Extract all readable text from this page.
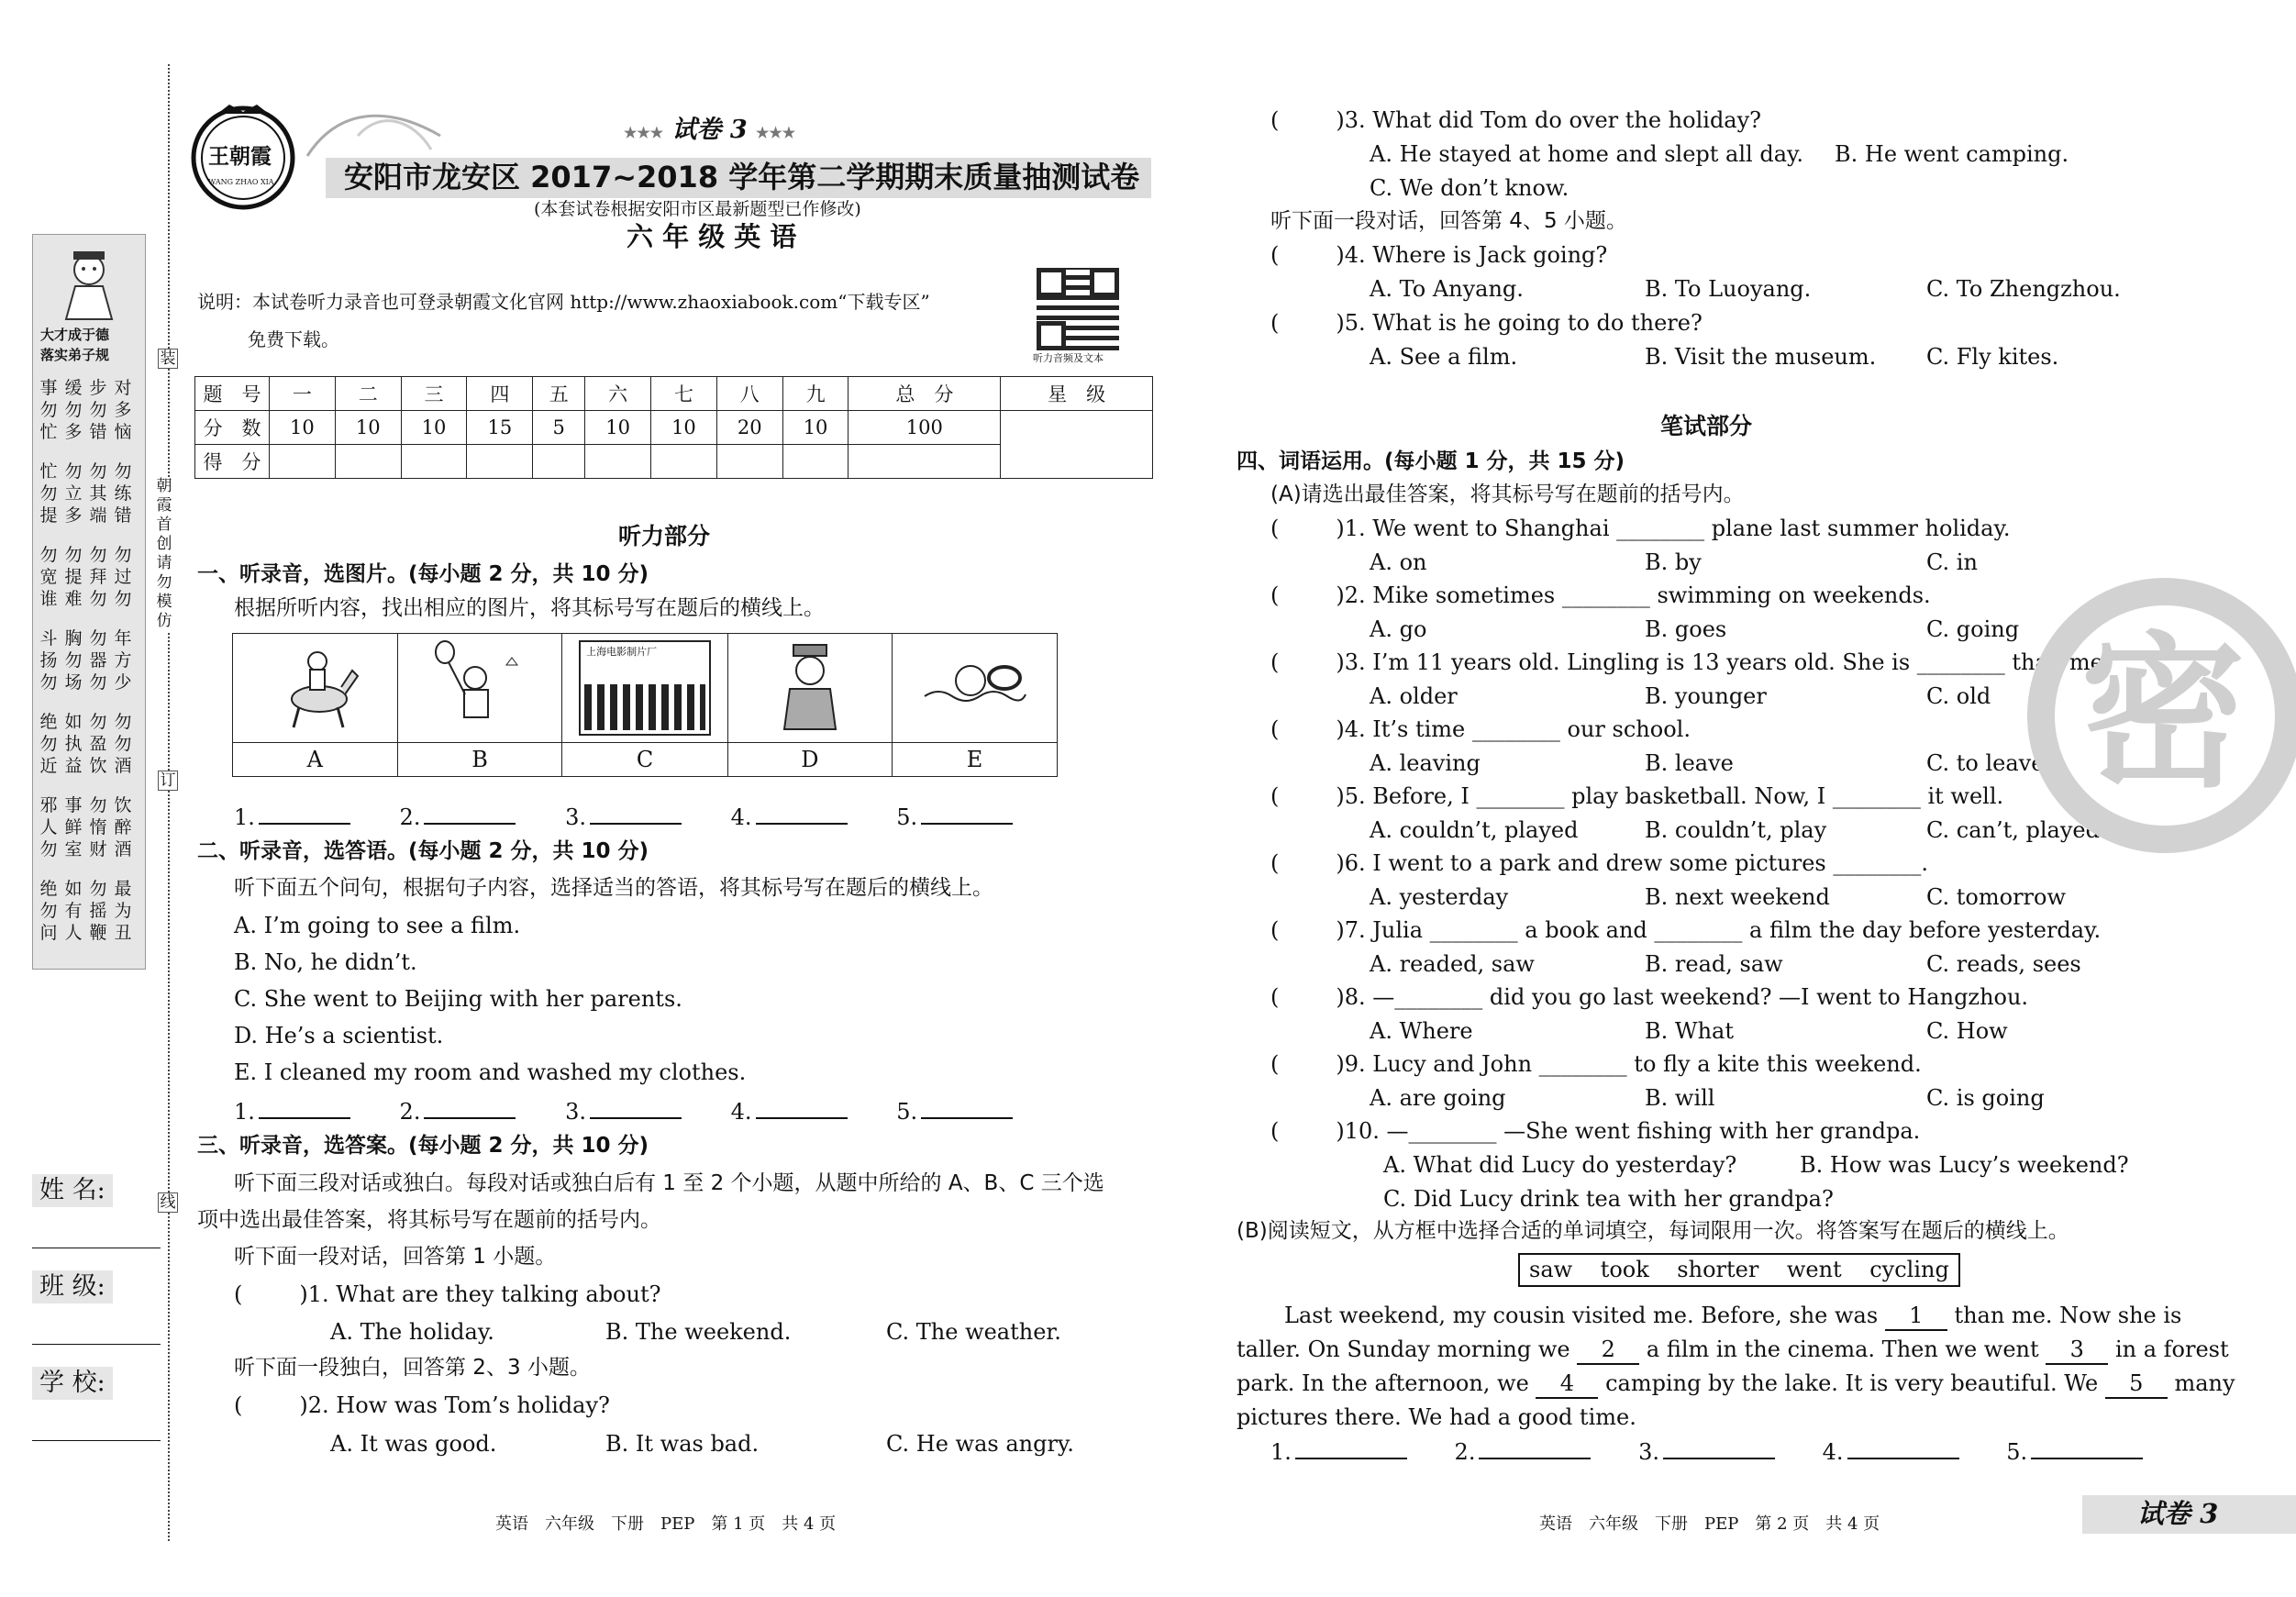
大才成于德
落实弟子规
事勿忙
缓勿多
步勿错
对多恼
忙勿提
勿立多
勿其端
勿练错
勿宽谁
勿提难
勿拜勿
勿过勿
斗扬勿
胸勿场
勿器勿
年方少
绝勿近
如执益
勿盈饮
勿勿酒
邪人勿
事鲜室
勿惰财
饮醉酒
绝勿问
如有人
勿摇鞭
最为丑
装
朝霞首创 请勿模仿
订
线
姓 名:
班 级:
学 校:
王朝霞
WANG ZHAO XIA
★★★ 试卷 3 ★★★
安阳市龙安区 2017~2018 学年第二学期期末质量抽测试卷
(本套试卷根据安阳市区最新题型已作修改)
六 年 级 英 语
说明：本试卷听力录音也可登录朝霞文化官网 http://www.zhaoxiabook.com“下载专区”
免费下载。
听力音频及文本
题　号	一	二	三	四	五	六	七	八	九	总　分	星　级
分　数	10	10	10	15	5	10	10	20	10	100	
得　分											
听力部分
一、听录音，选图片。(每小题 2 分，共 10 分)
根据所听内容，找出相应的图片，将其标号写在题后的横线上。

上海电影制片厂

A	B	C	D	E
1.	2.	3.	4.	5.
二、听录音，选答语。(每小题 2 分，共 10 分)
听下面五个问句，根据句子内容，选择适当的答语，将其标号写在题后的横线上。
A. I’m going to see a film.
B. No, he didn’t.
C. She went to Beijing with her parents.
D. He’s a scientist.
E. I cleaned my room and washed my clothes.
1.	2.	3.	4.	5.
三、听录音，选答案。(每小题 2 分，共 10 分)
听下面三段对话或独白。每段对话或独白后有 1 至 2 个小题，从题中所给的 A、B、C 三个选
项中选出最佳答案，将其标号写在题前的括号内。
听下面一段对话，回答第 1 小题。
(	)1. What are they talking about?
A. The holiday.	B. The weekend.	C. The weather.
听下面一段独白，回答第 2、3 小题。
(	)2. How was Tom’s holiday?
A. It was good.	B. It was bad.	C. He was angry.
英语　六年级　下册　PEP　第 1 页　共 4 页
(	)3. What did Tom do over the holiday?
A. He stayed at home and slept all day. B. He went camping.
C. We don’t know.
听下面一段对话，回答第 4、5 小题。
(	)4. Where is Jack going?
A. To Anyang.	B. To Luoyang.	C. To Zhengzhou.
(	)5. What is he going to do there?
A. See a film.	B. Visit the museum. C. Fly kites.
笔试部分
四、词语运用。(每小题 1 分，共 15 分)
(A)请选出最佳答案，将其标号写在题前的括号内。
(	)1. We went to Shanghai ________ plane last summer holiday.
A. on	B. by	C. in
(	)2. Mike sometimes ________ swimming on weekends.
A. go	B. goes	C. going
(	)3. I’m 11 years old. Lingling is 13 years old. She is ________ than me.
A. older	B. younger	C. old
(	)4. It’s time ________ our school.
A. leaving	B. leave	C. to leave
(	)5. Before, I ________ play basketball. Now, I ________ it well.
A. couldn’t, played	B. couldn’t, play	C. can’t, played
(	)6. I went to a park and drew some pictures ________.
A. yesterday	B. next weekend	C. tomorrow
(	)7. Julia ________ a book and ________ a film the day before yesterday.
A. readed, saw	B. read, saw	C. reads, sees
(	)8. —________ did you go last weekend? —I went to Hangzhou.
A. Where	B. What	C. How
(	)9. Lucy and John ________ to fly a kite this weekend.
A. are going	B. will	C. is going
(	)10. —________ —She went fishing with her grandpa.
A. What did Lucy do yesterday?	B. How was Lucy’s weekend?
C. Did Lucy drink tea with her grandpa?
(B)阅读短文，从方框中选择合适的单词填空，每词限用一次。将答案写在题后的横线上。
saw took shorter went cycling
Last weekend, my cousin visited me. Before, she was 1 than me. Now she is
taller. On Sunday morning we 2 a film in the cinema. Then we went 3 in a forest
park. In the afternoon, we 4 camping by the lake. It is very beautiful. We 5 many
pictures there. We had a good time.
1.	2.	3.	4.	5.
英语　六年级　下册　PEP　第 2 页　共 4 页	试卷 3
密
